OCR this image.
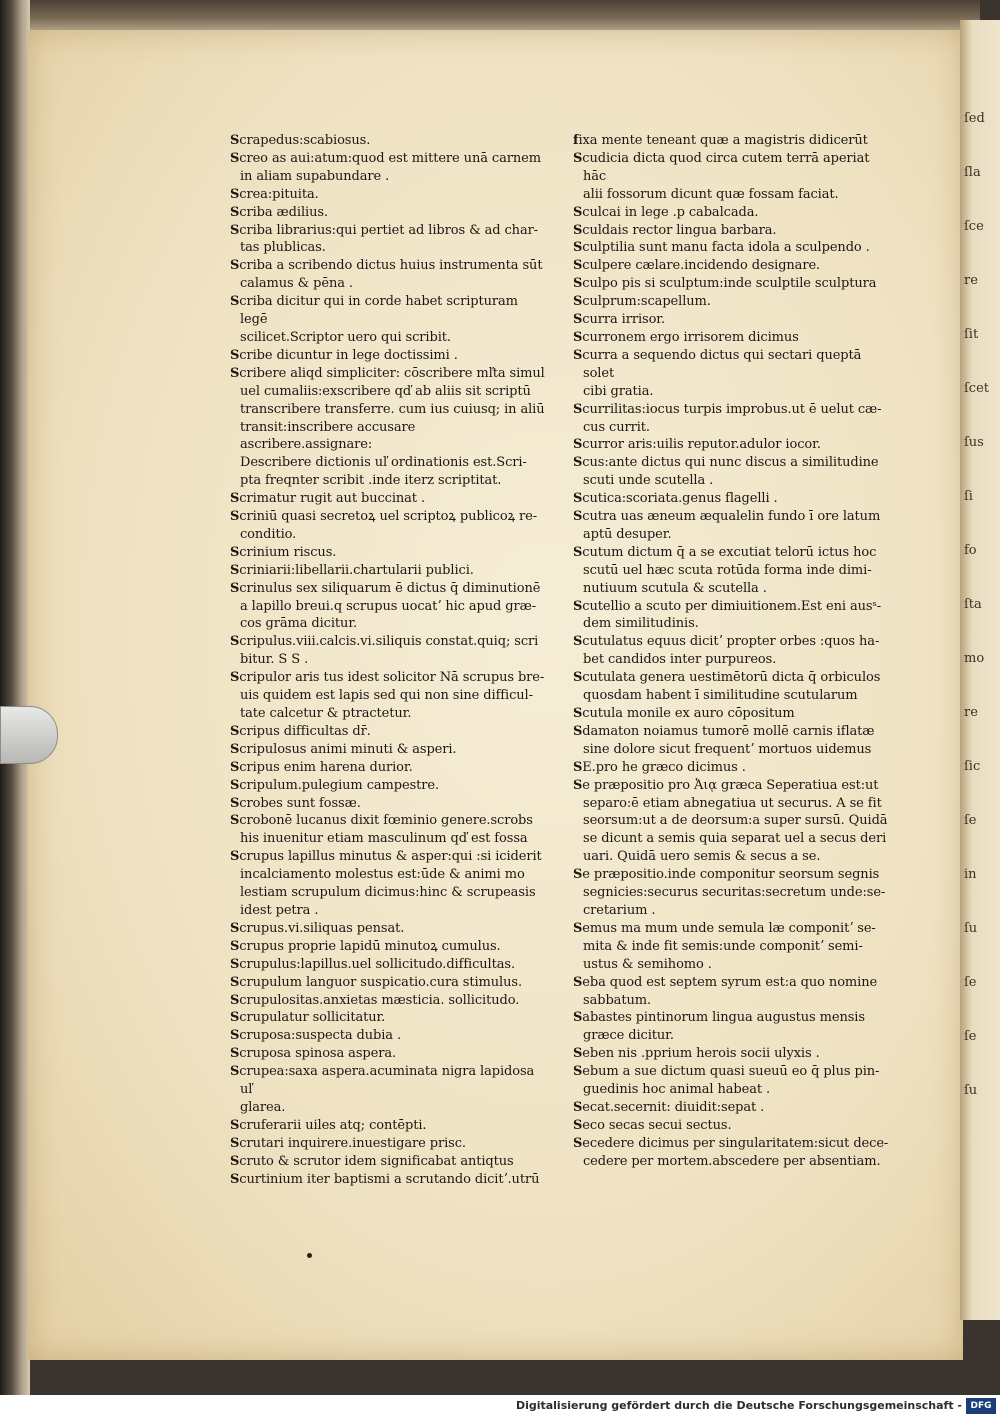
ſed
ſla
ſce
re
ſit
ſcet
ſus
ſi
fo
ſta
mo
re
ſic
ſe
in
ſu
ſe
ſe
ſu
Scrapedus:scabiosus.
Screo as aui:atum:quod est mittere unā carnem
in aliam supabundare .
Screa:pituita.
Scriba ædilius.
Scriba librarius:qui pertiet ad libros & ad char-
tas plublicas.
Scriba a scribendo dictus huius instrumenta sūt
calamus & pēna .
Scriba dicitur qui in corde habet scripturam legē
scilicet.Scriptor uero qui scribit.
Scribe dicuntur in lege doctissimi .
Scribere aliqd simpliciter: cōscribere mľta simul
uel cumaliis:exscribere qď ab aliis sit scriptū
transcribere transferre. cum ius cuiusq; in aliū
transit:inscribere accusare ascribere.assignare:
Describere dictionis uľ ordinationis est.Scri-
pta freqnter scribit .inde iterz scriptitat.
Scrimatur rugit aut buccinat .
Scriniū quasi secretoꝝ uel scriptoꝝ publicoꝝ re-
conditio.
Scrinium riscus.
Scriniarii:libellarii.chartularii publici.
Scrinulus sex siliquarum ē dictus q̄ diminutionē
a lapillo breui.q scrupus uocatʼ hic apud græ-
cos grāma dicitur.
Scripulus.viii.calcis.vi.siliquis constat.quiq; scri
bitur. S S .
Scripulor aris tus idest solicitor Nā scrupus bre-
uis quidem est lapis sed qui non sine difficul-
tate calcetur & ptractetur.
Scripus difficultas dr̄.
Scripulosus animi minuti & asperi.
Scripus enim harena durior.
Scripulum.pulegium campestre.
Scrobes sunt fossæ.
Scrobonē lucanus dixit fœminio genere.scrobs
his inuenitur etiam masculinum qď est fossa
Scrupus lapillus minutus & asper:qui :si iciderit
incalciamento molestus est:ūde & animi mo
lestiam scrupulum dicimus:hinc & scrupeasis
idest petra .
Scrupus.vi.siliquas pensat.
Scrupus proprie lapidū minutoꝝ cumulus.
Scrupulus:lapillus.uel sollicitudo.difficultas.
Scrupulum languor suspicatio.cura stimulus.
Scrupulositas.anxietas mæsticia. sollicitudo.
Scrupulatur sollicitatur.
Scruposa:suspecta dubia .
Scruposa spinosa aspera.
Scrupea:saxa aspera.acuminata nigra lapidosa uľ
glarea.
Scruferarii uiles atq; contēpti.
Scrutari inquirere.inuestigare prisc.
Scruto & scrutor idem significabat antiqtus
Scurtinium iter baptismi a scrutando dicitʼ.utrū
fixa mente teneant quæ a magistris didicerūt
Scudicia dicta quod circa cutem terrā aperiat hāc
alii fossorum dicunt quæ fossam faciat.
Sculcai in lege .p cabalcada.
Sculdais rector lingua barbara.
Sculptilia sunt manu facta idola a sculpendo .
Sculpere cælare.incidendo designare.
Sculpo pis si sculptum:inde sculptile sculptura
Sculprum:scapellum.
Scurra irrisor.
Scurronem ergo irrisorem dicimus
Scurra a sequendo dictus qui sectari queptā solet
cibi gratia.
Scurrilitas:iocus turpis improbus.ut ē uelut cæ-
cus currit.
Scurror aris:uilis reputor.adulor iocor.
Scus:ante dictus qui nunc discus a similitudine
scuti unde scutella .
Scutica:scoriata.genus flagelli .
Scutra uas æneum æqualelin fundo ī ore latum
aptū desuper.
Scutum dictum q̄ a se excutiat telorū ictus hoc
scutū uel hæc scuta rotūda forma inde dimi-
nutiuum scutula & scutella .
Scutellio a scuto per dimiuitionem.Est eni ausˢ-
dem similitudinis.
Scutulatus equus dicitʼ propter orbes :quos ha-
bet candidos inter purpureos.
Scutulata genera uestimētorū dicta q̄ orbiculos
quosdam habent ī similitudine scutularum
Scutula monile ex auro cōpositum
Sdamaton noiamus tumorē mollē carnis iflatæ
sine dolore sicut frequentʼ mortuos uidemus
SE.pro he græco dicimus .
Se præpositio pro Ἀιᾳ græca Seperatiua est:ut
separo:ē etiam abnegatiua ut securus. A se fit
seorsum:ut a de deorsum:a super sursū. Quidā
se dicunt a semis quia separat uel a secus deri
uari. Quidā uero semis & secus a se.
Se præpositio.inde componitur seorsum segnis
segnicies:securus securitas:secretum unde:se-
cretarium .
Semus ma mum unde semula læ componitʼ se-
mita & inde fit semis:unde componitʼ semi-
ustus & semihomo .
Seba quod est septem syrum est:a quo nomine
sabbatum.
Sabastes pintinorum lingua augustus mensis
græce dicitur.
Seben nis .pprium herois socii ulyxis .
Sebum a sue dictum quasi sueuū eo q̄ plus pin-
guedinis hoc animal habeat .
Secat.secernit: diuidit:sepat .
Seco secas secui sectus.
Secedere dicimus per singularitatem:sicut dece-
cedere per mortem.abscedere per absentiam.
Digitalisierung gefördert durch die Deutsche Forschungsgemeinschaft - DFG
